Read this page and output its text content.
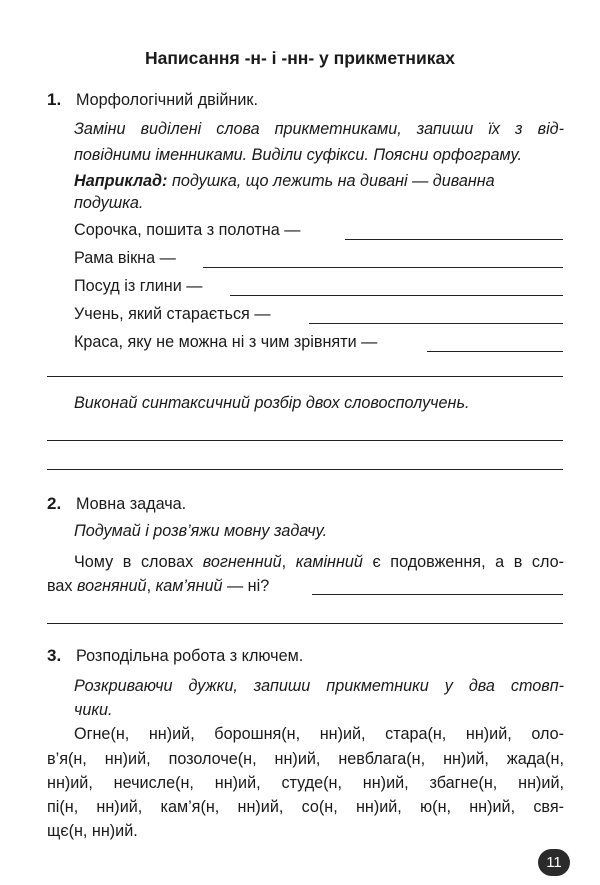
Написання -н- і -нн- у прикметниках
1. Морфологічний двійник.
Заміни виділені слова прикметниками, запиши їх з від-
повідними іменниками. Виділи суфікси. Поясни орфограму.
Наприклад: подушка, що лежить на дивані — диванна
подушка.
Сорочка, пошита з полотна —
Рама вікна —
Посуд із глини —
Учень, який старається —
Краса, яку не можна ні з чим зрівняти —
Виконай синтаксичний розбір двох словосполучень.
2. Мовна задача.
Подумай і розв’яжи мовну задачу.
Чому в словах вогненний, камінний є подовження, а в сло-
вах вогняний, кам’яний — ні?
3. Розподільна робота з ключем.
Розкриваючи дужки, запиши прикметники у два стовп-
чики.
Огне(н, нн)ий, борошня(н, нн)ий, стара(н, нн)ий, оло-
в’я(н, нн)ий, позолоче(н, нн)ий, невблага(н, нн)ий, жада(н,
нн)ий, нечисле(н, нн)ий, студе(н, нн)ий, збагне(н, нн)ий,
пі(н, нн)ий, кам’я(н, нн)ий, со(н, нн)ий, ю(н, нн)ий, свя-
щє(н, нн)ий.
11
